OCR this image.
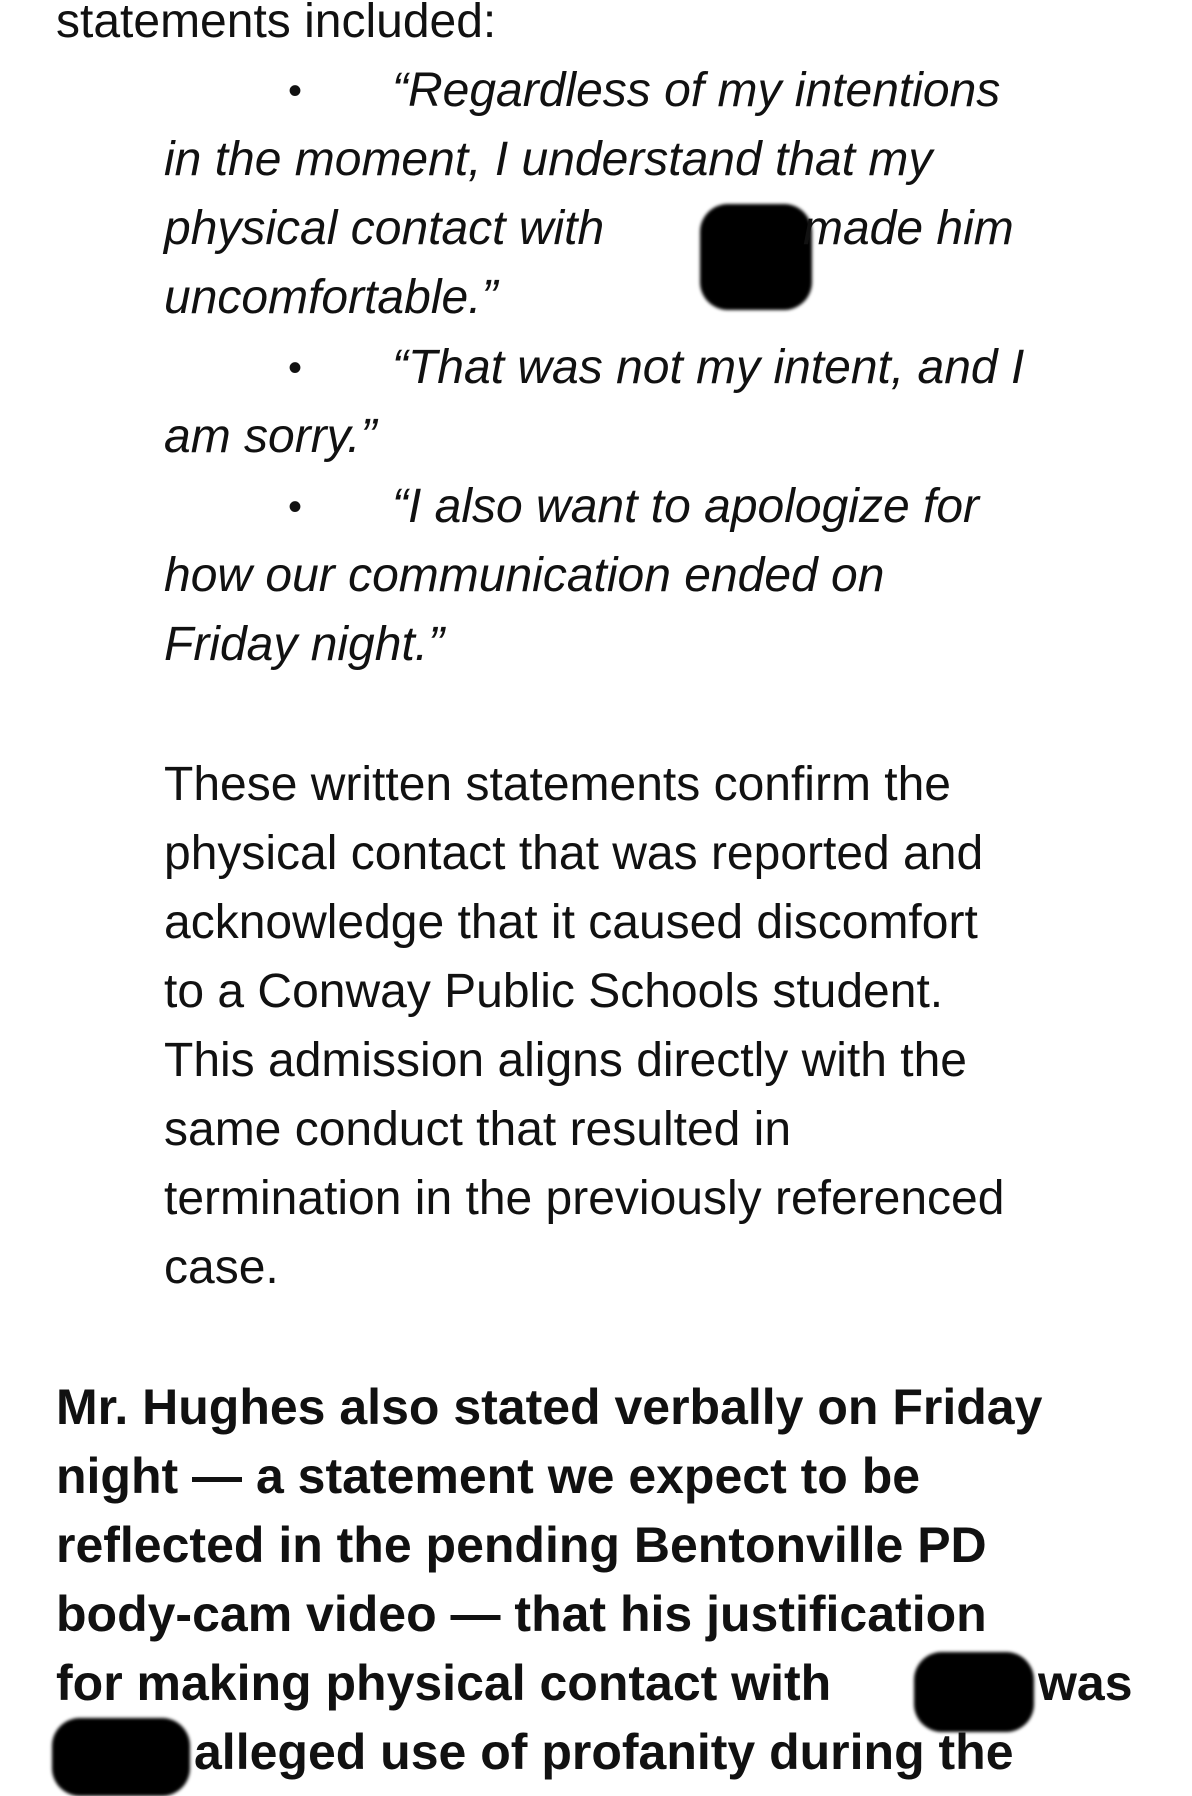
statements included:
• “Regardless of my intentions
in the moment, I understand that my
physical contact with	made him
uncomfortable.”
• “That was not my intent, and I
am sorry.”
• “I also want to apologize for
how our communication ended on
Friday night.”
These written statements confirm the
physical contact that was reported and
acknowledge that it caused discomfort
to a Conway Public Schools student.
This admission aligns directly with the
same conduct that resulted in
termination in the previously referenced
case.
Mr. Hughes also stated verbally on Friday
night — a statement we expect to be
reflected in the pending Bentonville PD
body-cam video — that his justification
for making physical contact with	was
alleged use of profanity during the
